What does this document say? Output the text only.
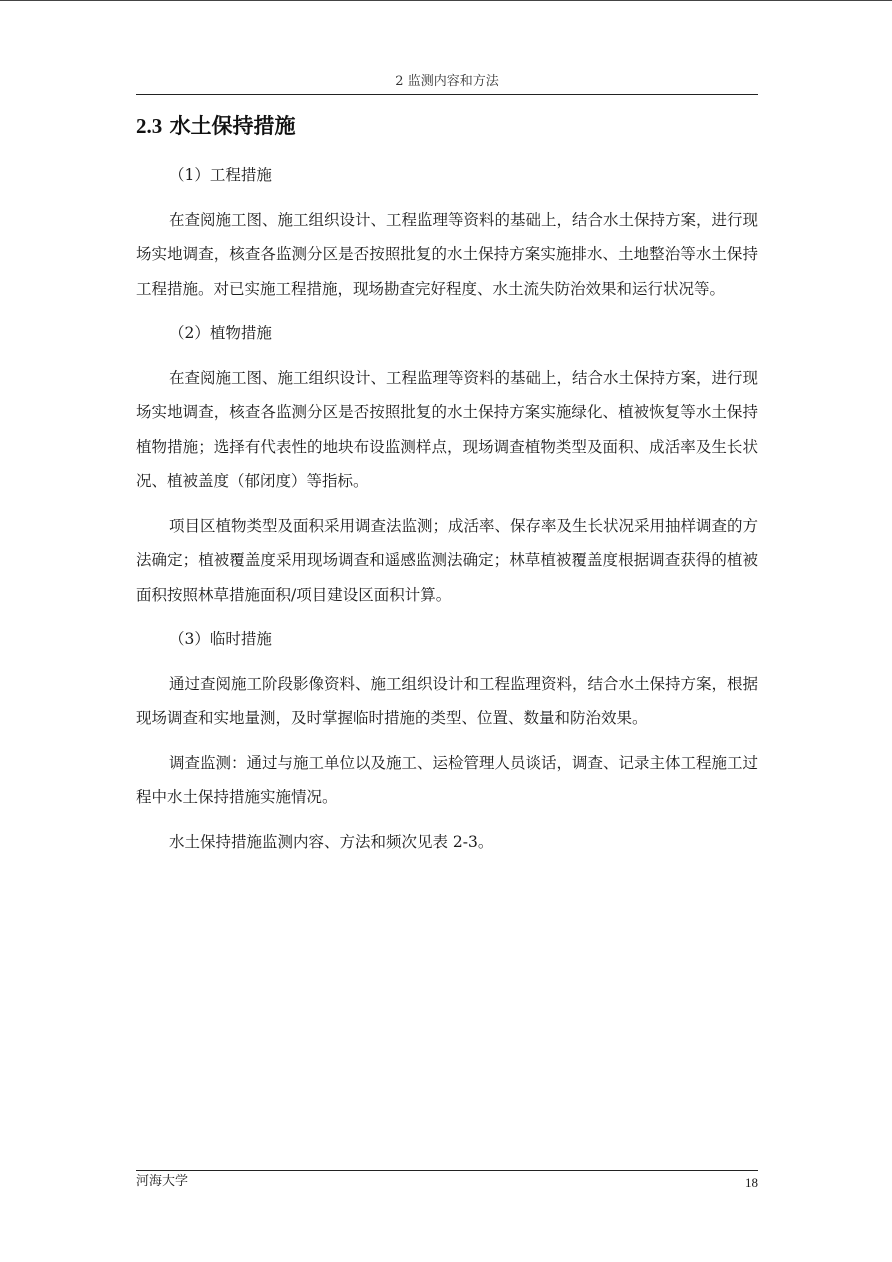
2 监测内容和方法
2.3 水土保持措施

（1）工程措施

在查阅施工图、施工组织设计、工程监理等资料的基础上，结合水土保持方案，进行现场实地调查，核查各监测分区是否按照批复的水土保持方案实施排水、土地整治等水土保持工程措施。对已实施工程措施，现场勘查完好程度、水土流失防治效果和运行状况等。

（2）植物措施

在查阅施工图、施工组织设计、工程监理等资料的基础上，结合水土保持方案，进行现场实地调查，核查各监测分区是否按照批复的水土保持方案实施绿化、植被恢复等水土保持植物措施；选择有代表性的地块布设监测样点，现场调查植物类型及面积、成活率及生长状况、植被盖度（郁闭度）等指标。

项目区植物类型及面积采用调查法监测；成活率、保存率及生长状况采用抽样调查的方法确定；植被覆盖度采用现场调查和遥感监测法确定；林草植被覆盖度根据调查获得的植被面积按照林草措施面积/项目建设区面积计算。

（3）临时措施

通过查阅施工阶段影像资料、施工组织设计和工程监理资料，结合水土保持方案，根据现场调查和实地量测，及时掌握临时措施的类型、位置、数量和防治效果。

调查监测：通过与施工单位以及施工、运检管理人员谈话，调查、记录主体工程施工过程中水土保持措施实施情况。

水土保持措施监测内容、方法和频次见表 2-3。

河海大学	18
